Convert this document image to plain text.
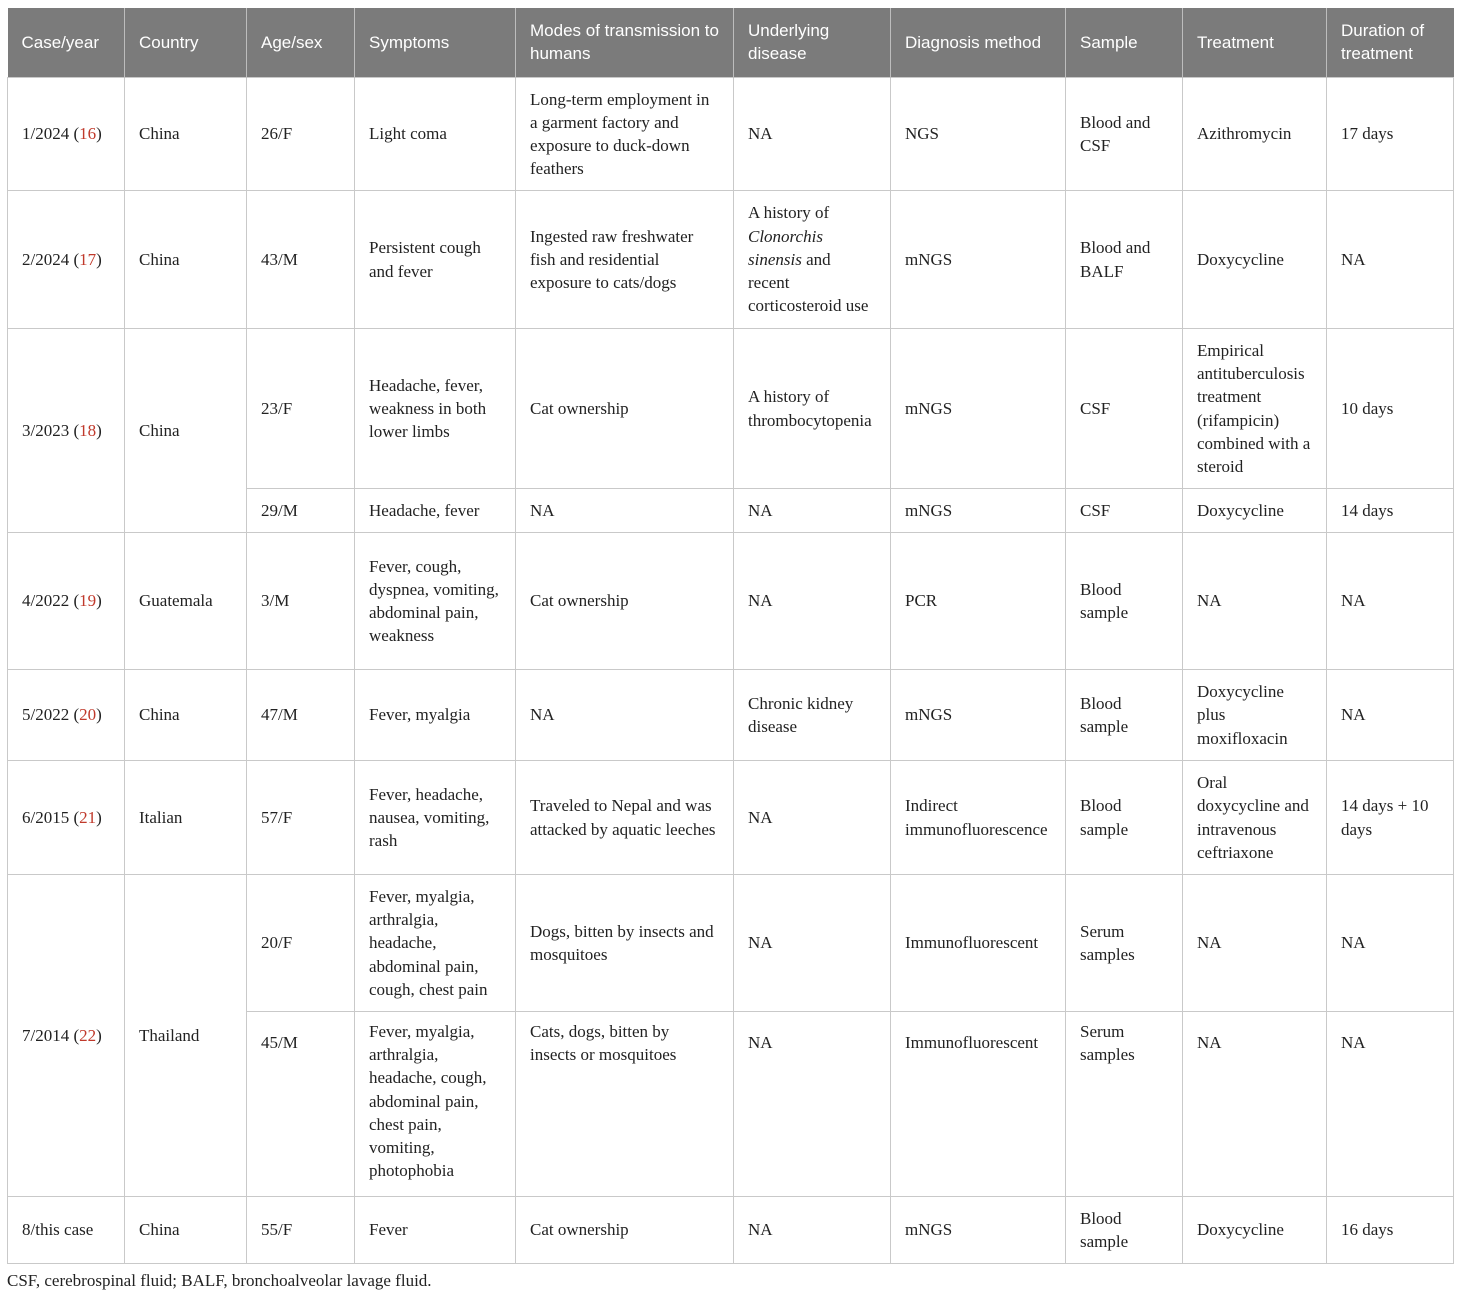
Case/year	Country	Age/sex	Symptoms	Modes of transmission to humans	Underlying disease	Diagnosis method	Sample	Treatment	Duration of treatment
1/2024 (16)	China	26/F	Light coma	Long-term employment in a garment factory and exposure to duck-down feathers	NA	NGS	Blood and CSF	Azithromycin	17 days
2/2024 (17)	China	43/M	Persistent cough and fever	Ingested raw freshwater fish and residential exposure to cats/dogs	A history of Clonorchis sinensis and recent corticosteroid use	mNGS	Blood and BALF	Doxycycline	NA
3/2023 (18)	China	23/F	Headache, fever, weakness in both lower limbs	Cat ownership	A history of thrombocytopenia	mNGS	CSF	Empirical antituberculosis treatment (rifampicin) combined with a steroid	10 days
		29/M	Headache, fever	NA	NA	mNGS	CSF	Doxycycline	14 days
4/2022 (19)	Guatemala	3/M	Fever, cough, dyspnea, vomiting, abdominal pain, weakness	Cat ownership	NA	PCR	Blood sample	NA	NA
5/2022 (20)	China	47/M	Fever, myalgia	NA	Chronic kidney disease	mNGS	Blood sample	Doxycycline plus moxifloxacin	NA
6/2015 (21)	Italian	57/F	Fever, headache, nausea, vomiting, rash	Traveled to Nepal and was attacked by aquatic leeches	NA	Indirect immunofluorescence	Blood sample	Oral doxycycline and intravenous ceftriaxone	14 days + 10 days
7/2014 (22)	Thailand	20/F	Fever, myalgia, arthralgia, headache, abdominal pain, cough, chest pain	Dogs, bitten by insects and mosquitoes	NA	Immunofluorescent	Serum samples	NA	NA
		45/M	Fever, myalgia, arthralgia, headache, cough, abdominal pain, chest pain, vomiting, photophobia	Cats, dogs, bitten by insects or mosquitoes	NA	Immunofluorescent	Serum samples	NA	NA
8/this case	China	55/F	Fever	Cat ownership	NA	mNGS	Blood sample	Doxycycline	16 days
CSF, cerebrospinal fluid; BALF, bronchoalveolar lavage fluid.
